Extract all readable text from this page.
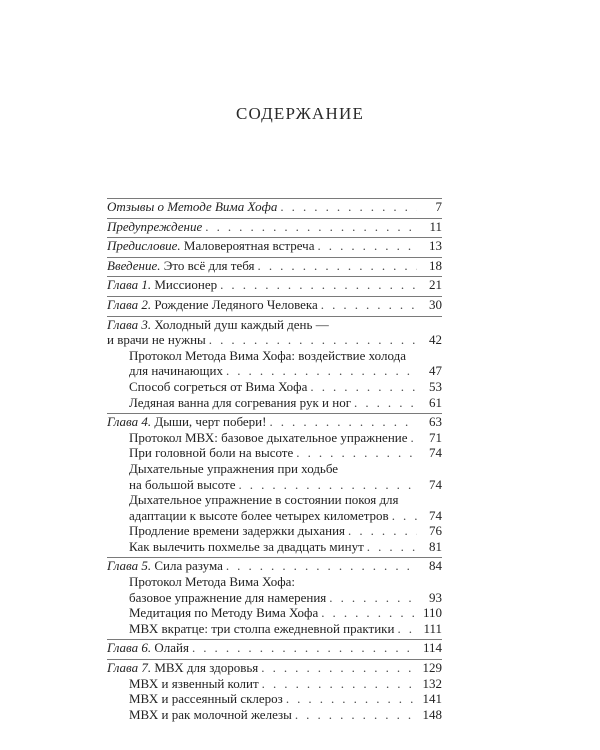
СОДЕРЖАНИЕ
Отзывы о Методе Вима Хофа . . .	7
Предупреждение . . .	11
Предисловие. Маловероятная встреча . . .	13
Введение. Это всё для тебя . . .	18
Глава 1. Миссионер . . .	21
Глава 2. Рождение Ледяного Человека . . .	30
Глава 3. Холодный душ каждый день —
и врачи не нужны . . .	42
Протокол Метода Вима Хофа: воздействие холода
для начинающих . . .	47
Способ согреться от Вима Хофа . . .	53
Ледяная ванна для согревания рук и ног . . .	61
Глава 4. Дыши, черт побери! . . .	63
Протокол МВХ: базовое дыхательное упражнение . . .	71
При головной боли на высоте . . .	74
Дыхательные упражнения при ходьбе
на большой высоте . . .	74
Дыхательное упражнение в состоянии покоя для
адаптации к высоте более четырех километров . . .	74
Продление времени задержки дыхания . . .	76
Как вылечить похмелье за двадцать минут . . .	81
Глава 5. Сила разума . . .	84
Протокол Метода Вима Хофа:
базовое упражнение для намерения . . .	93
Медитация по Методу Вима Хофа . . .	110
МВХ вкратце: три столпа ежедневной практики . . . 111
Глава 6. Олайя . . .	114
Глава 7. МВХ для здоровья . . .	129
МВХ и язвенный колит . . .	132
МВХ и рассеянный склероз . . .	141
МВХ и рак молочной железы . . .	148
